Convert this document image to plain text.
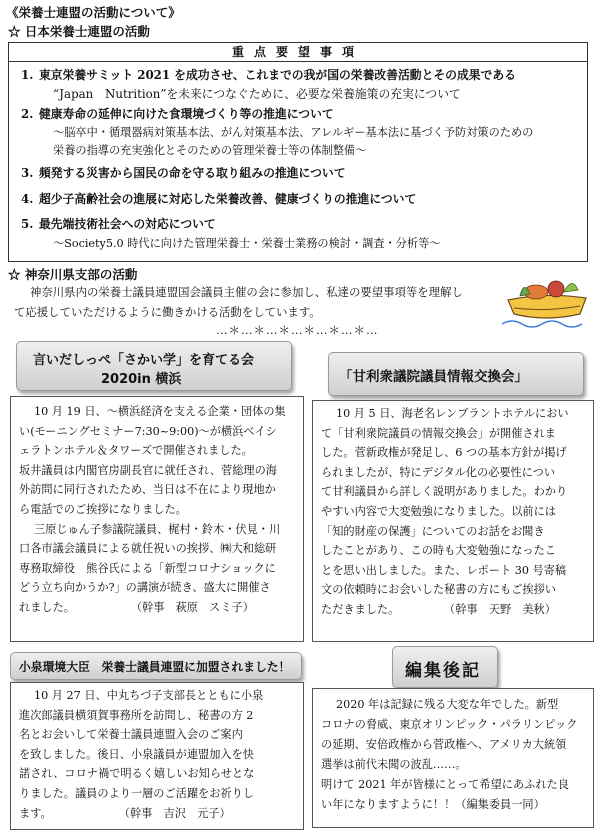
《栄養士連盟の活動について》
☆ 日本栄養士連盟の活動
重点要望事項
1. 東京栄養サミット 2021 を成功させ、これまでの我が国の栄養改善活動とその成果である
“Japan　Nutrition”を未来につなぐために、必要な栄養施策の充実について
2. 健康寿命の延伸に向けた食環境づくり等の推進について
～脳卒中・循環器病対策基本法、がん対策基本法、アレルギー基本法に基づく予防対策のための
栄養の指導の充実強化とそのための管理栄養士等の体制整備～
3. 頻発する災害から国民の命を守る取り組みの推進について
4. 超少子高齢社会の進展に対応した栄養改善、健康づくりの推進について
5. 最先端技術社会への対応について
～Society5.0 時代に向けた管理栄養士・栄養士業務の検討・調査・分析等～
☆ 神奈川県支部の活動
神奈川県内の栄養士議員連盟国会議員主催の会に参加し、私達の要望事項等を理解し
て応援していただけるように働きかける活動をしています。
…＊…＊…＊…＊…＊…＊…
言いだしっぺ「さかい学」を育てる会
2020in 横浜	「甘利衆議院議員情報交換会」
10 月 19 日、～横浜経済を支える企業・団体の集
い(モーニングセミナー7:30~9:00)～が横浜ベイシ
ェラトンホテル＆タワーズで開催されました。
坂井議員は内閣官房副長官に就任され、菅総理の海
外訪問に同行されたため、当日は不在により現地か
ら電話でのご挨拶になりました。
三原じゅん子参議院議員、梶村・鈴木・伏見・川
口各市議会議員による就任祝いの挨拶、㈱大和総研
専務取締役　熊谷氏による「新型コロナショックに
どう立ち向かうか?」の講演が続き、盛大に開催さ
れました。　　　　　　（幹事　萩原　スミ子）
10 月 5 日、海老名レンブラントホテルにおい
て「甘利衆院議員の情報交換会」が開催されま
した。菅新政権が発足し、6 つの基本方針が掲げ
られましたが、特にデジタル化の必要性につい
て甘利議員から詳しく説明がありました。わかり
やすい内容で大変勉強になりました。以前には
「知的財産の保護」についてのお話をお聞き
したことがあり、この時も大変勉強になったこ
とを思い出しました。また、レポート 30 号寄稿
文の依頼時にお会いした秘書の方にもご挨拶い
ただきました。　　　　　（幹事　天野　美秋）
小泉環境大臣　栄養士議員連盟に加盟されました！	編集後記
10 月 27 日、中丸ちづ子支部長とともに小泉
進次郎議員横須賀事務所を訪問し、秘書の方 2
名とお会いして栄養士議員連盟入会のご案内
を致しました。後日、小泉議員が連盟加入を快
諾され、コロナ禍で明るく嬉しいお知らせとな
りました。議員のより一層のご活躍をお祈りし
ます。　　　　　　　（幹事　吉沢　元子）
2020 年は記録に残る大変な年でした。新型
コロナの脅威、東京オリンピック・パラリンピック
の延期、安倍政権から菅政権へ、アメリカ大統領
選挙は前代未聞の波乱……。
明けて 2021 年が皆様にとって希望にあふれた良
い年になりますように！！（編集委員一同）
